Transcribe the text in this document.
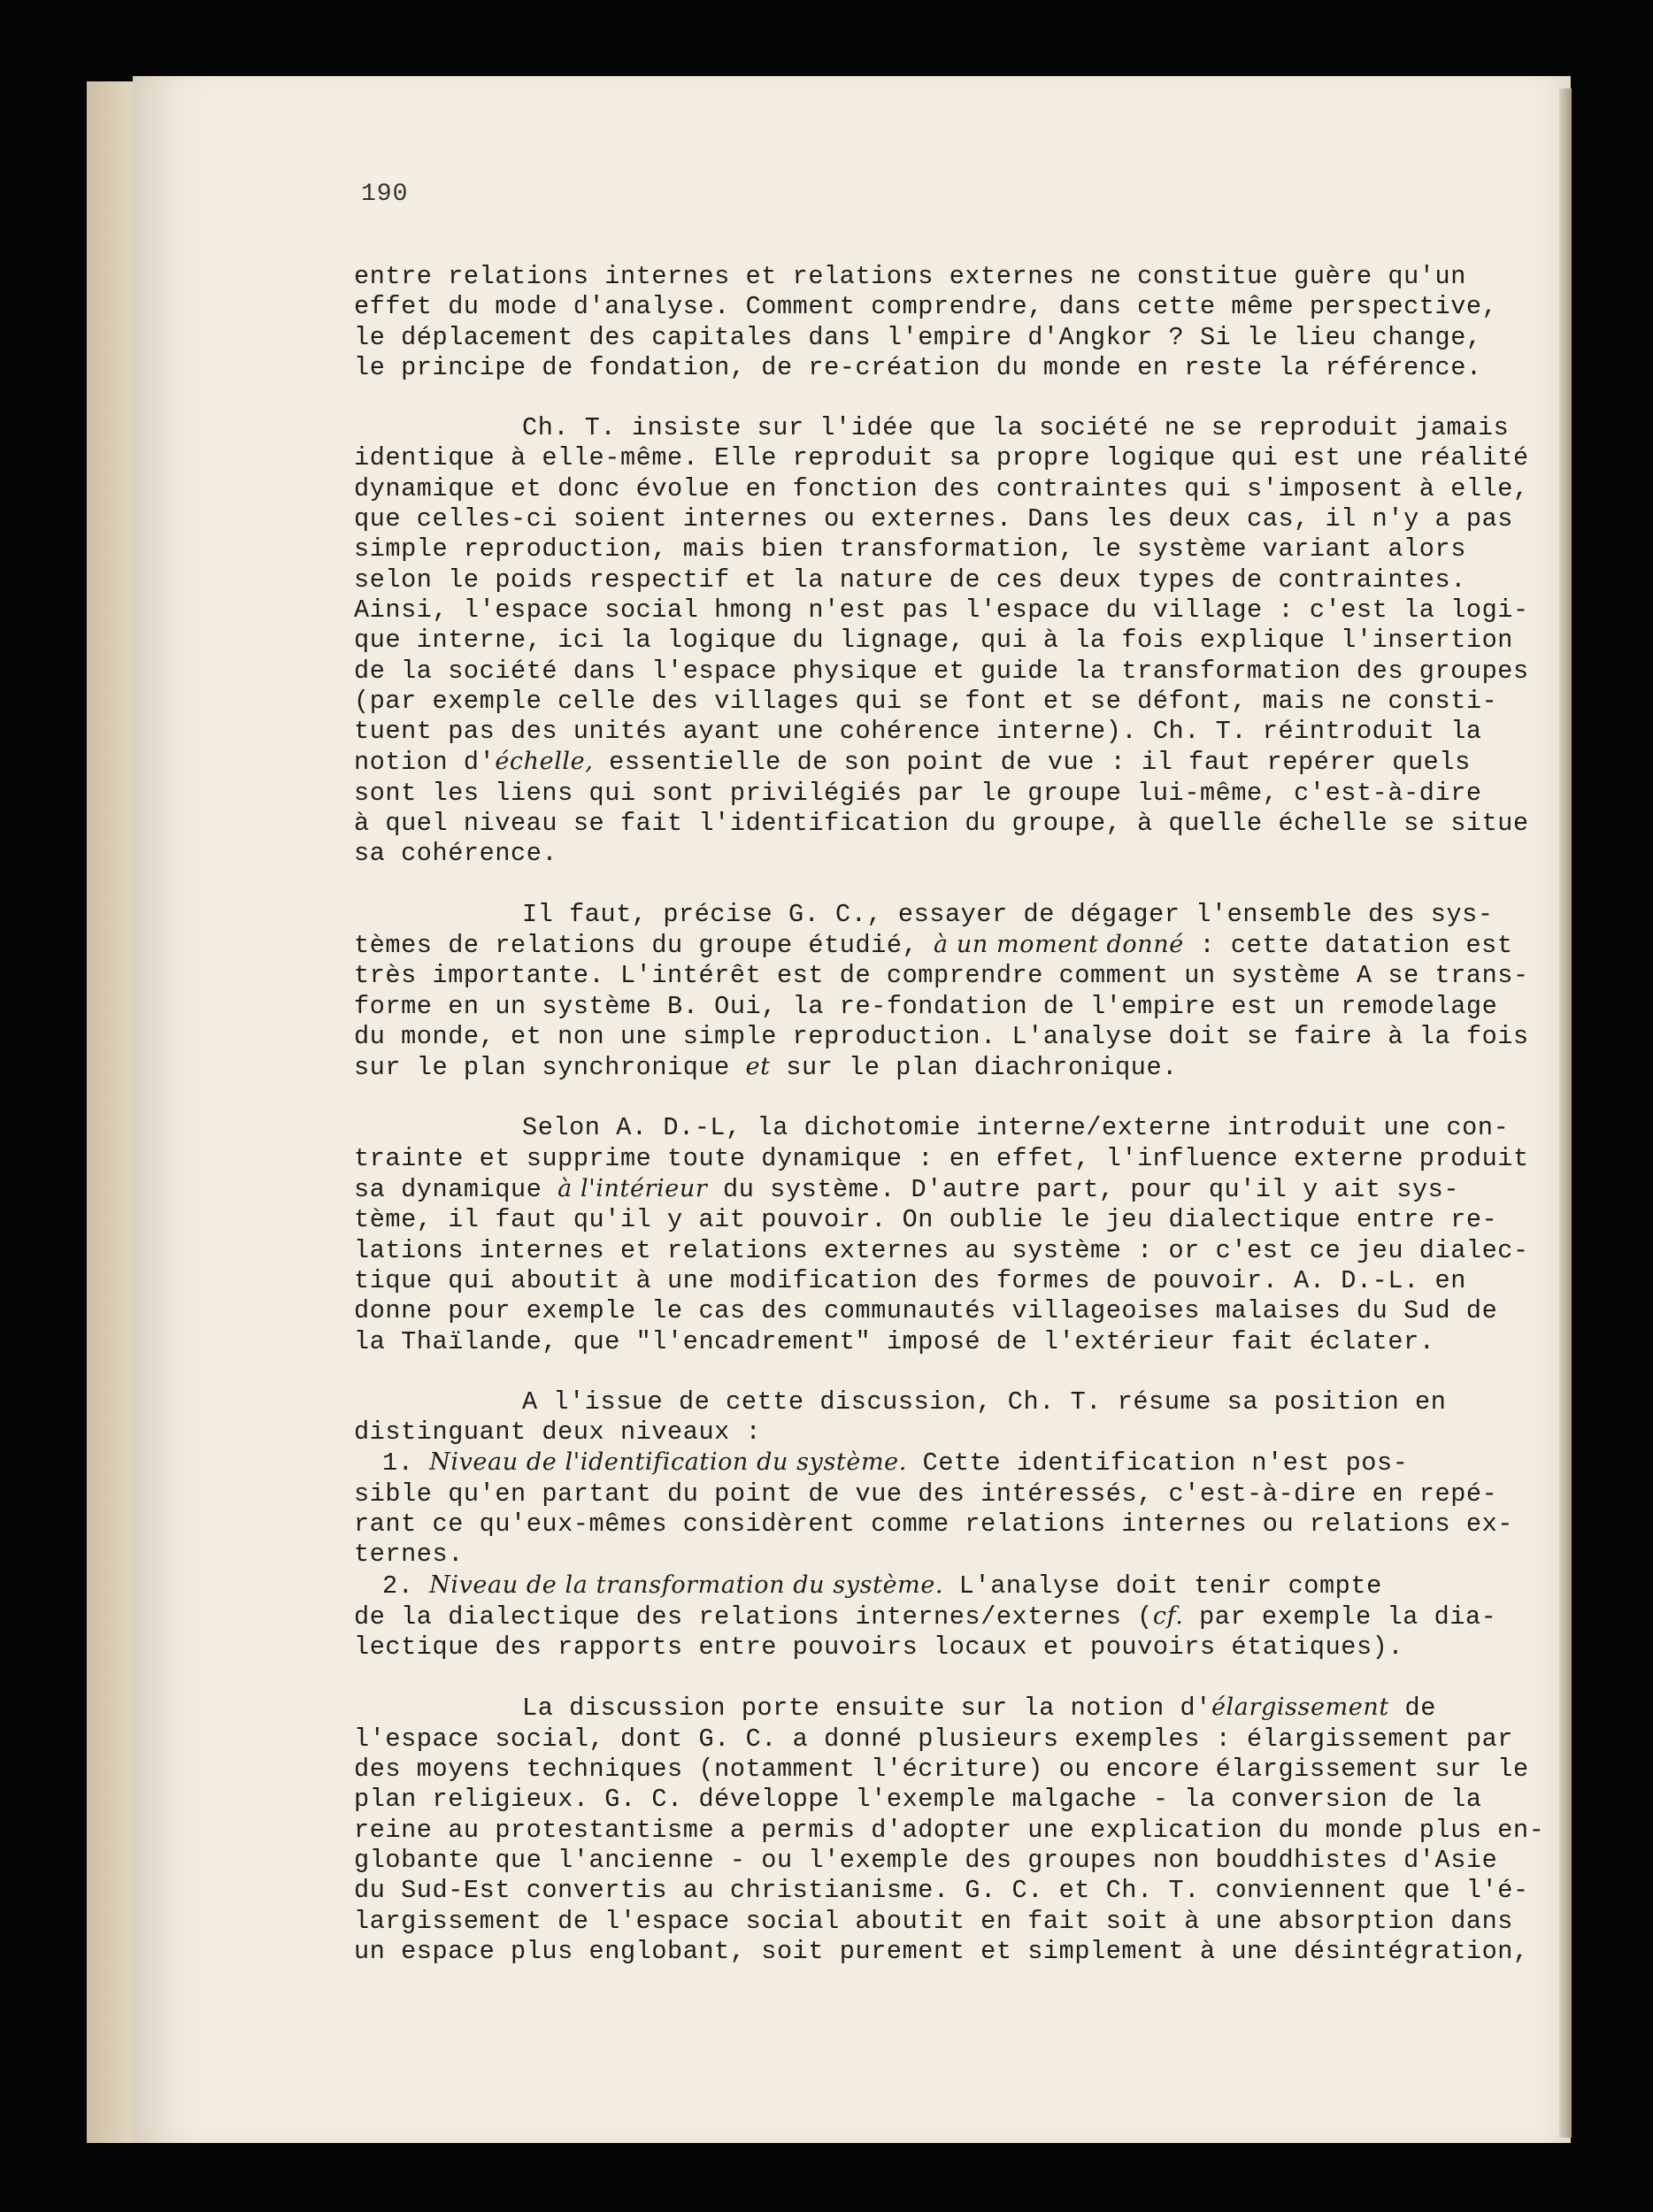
190
entre relations internes et relations externes ne constitue guère qu'un
effet du mode d'analyse. Comment comprendre, dans cette même perspective,
le déplacement des capitales dans l'empire d'Angkor ? Si le lieu change,
le principe de fondation, de re-création du monde en reste la référence.
Ch. T. insiste sur l'idée que la société ne se reproduit jamais
identique à elle-même. Elle reproduit sa propre logique qui est une réalité
dynamique et donc évolue en fonction des contraintes qui s'imposent à elle,
que celles-ci soient internes ou externes. Dans les deux cas, il n'y a pas
simple reproduction, mais bien transformation, le système variant alors
selon le poids respectif et la nature de ces deux types de contraintes.
Ainsi, l'espace social hmong n'est pas l'espace du village : c'est la logi-
que interne, ici la logique du lignage, qui à la fois explique l'insertion
de la société dans l'espace physique et guide la transformation des groupes
(par exemple celle des villages qui se font et se défont, mais ne consti-
tuent pas des unités ayant une cohérence interne). Ch. T. réintroduit la
notion d'échelle, essentielle de son point de vue : il faut repérer quels
sont les liens qui sont privilégiés par le groupe lui-même, c'est-à-dire
à quel niveau se fait l'identification du groupe, à quelle échelle se situe
sa cohérence.
Il faut, précise G. C., essayer de dégager l'ensemble des sys-
tèmes de relations du groupe étudié, à un moment donné : cette datation est
très importante. L'intérêt est de comprendre comment un système A se trans-
forme en un système B. Oui, la re-fondation de l'empire est un remodelage
du monde, et non une simple reproduction. L'analyse doit se faire à la fois
sur le plan synchronique et sur le plan diachronique.
Selon A. D.-L, la dichotomie interne/externe introduit une con-
trainte et supprime toute dynamique : en effet, l'influence externe produit
sa dynamique à l'intérieur du système. D'autre part, pour qu'il y ait sys-
tème, il faut qu'il y ait pouvoir. On oublie le jeu dialectique entre re-
lations internes et relations externes au système : or c'est ce jeu dialec-
tique qui aboutit à une modification des formes de pouvoir. A. D.-L. en
donne pour exemple le cas des communautés villageoises malaises du Sud de
la Thaïlande, que "l'encadrement" imposé de l'extérieur fait éclater.
A l'issue de cette discussion, Ch. T. résume sa position en
distinguant deux niveaux :
1. Niveau de l'identification du système. Cette identification n'est pos-
sible qu'en partant du point de vue des intéressés, c'est-à-dire en repé-
rant ce qu'eux-mêmes considèrent comme relations internes ou relations ex-
ternes.
2. Niveau de la transformation du système. L'analyse doit tenir compte
de la dialectique des relations internes/externes (cf. par exemple la dia-
lectique des rapports entre pouvoirs locaux et pouvoirs étatiques).
La discussion porte ensuite sur la notion d'élargissement de
l'espace social, dont G. C. a donné plusieurs exemples : élargissement par
des moyens techniques (notamment l'écriture) ou encore élargissement sur le
plan religieux. G. C. développe l'exemple malgache - la conversion de la
reine au protestantisme a permis d'adopter une explication du monde plus en-
globante que l'ancienne - ou l'exemple des groupes non bouddhistes d'Asie
du Sud-Est convertis au christianisme. G. C. et Ch. T. conviennent que l'é-
largissement de l'espace social aboutit en fait soit à une absorption dans
un espace plus englobant, soit purement et simplement à une désintégration,
